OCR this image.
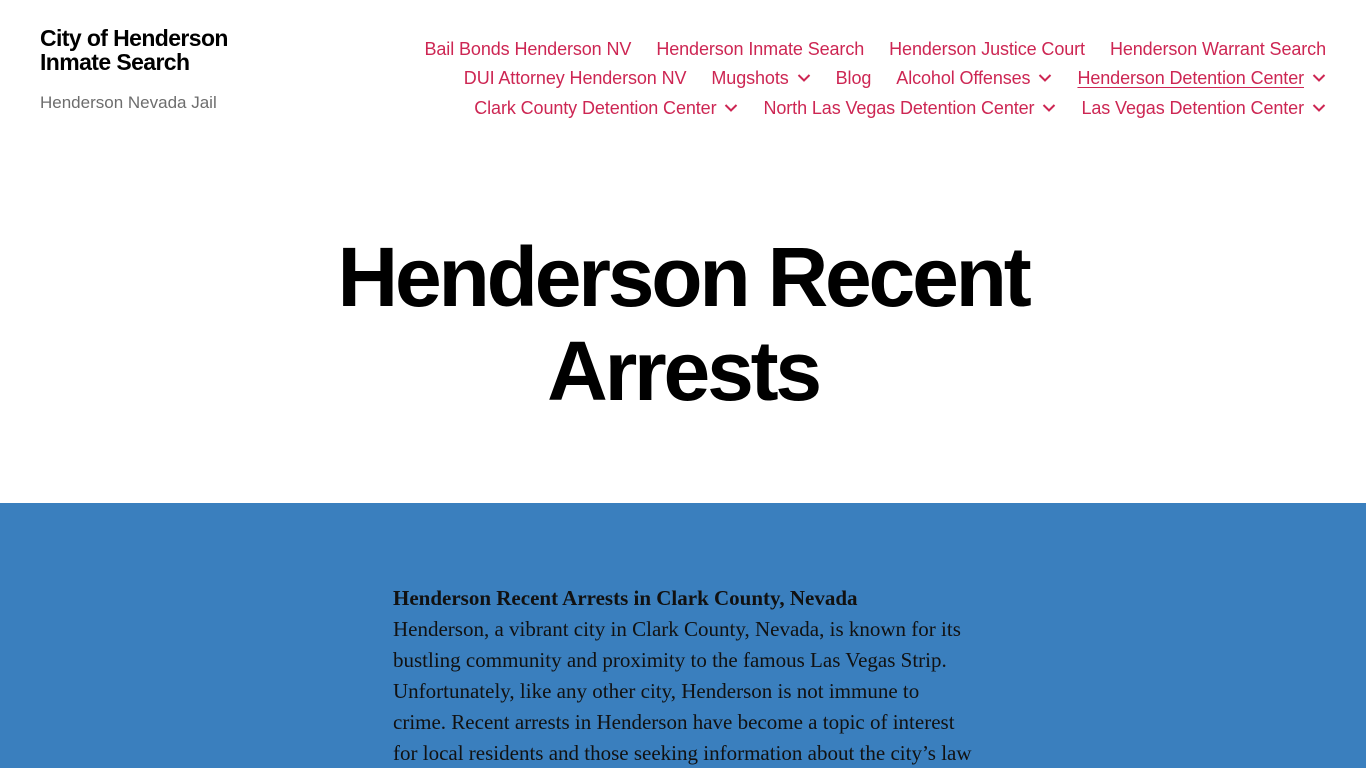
City of Henderson
Inmate Search
Henderson Nevada Jail
Bail Bonds Henderson NV Henderson Inmate Search Henderson Justice Court Henderson Warrant Search
DUI Attorney Henderson NV Mugshots	Blog Alcohol Offenses	Henderson Detention Center
Clark County Detention Center	North Las Vegas Detention Center	Las Vegas Detention Center
Henderson Recent
Arrests
Henderson Recent Arrests in Clark County, Nevada
Henderson, a vibrant city in Clark County, Nevada, is known for its
bustling community and proximity to the famous Las Vegas Strip.
Unfortunately, like any other city, Henderson is not immune to
crime. Recent arrests in Henderson have become a topic of interest
for local residents and those seeking information about the city’s law
